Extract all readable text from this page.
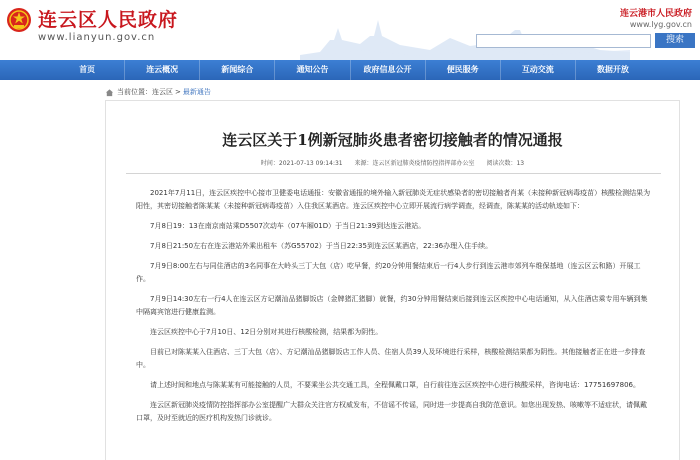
连云区人民政府
www.lianyun.gov.cn
连云港市人民政府
www.lyg.gov.cn
搜索
首页	连云概况	新闻综合	通知公告	政府信息公开	便民服务	互动交流	数据开放
当前位置： 连云区 > 最新通告
连云区关于1例新冠肺炎患者密切接触者的情况通报
时间：2021-07-13 09:14:31 来源：连云区新冠肺炎疫情防控指挥部办公室 阅读次数：13

2021年7月11日，连云区疾控中心接市卫健委电话通报：安徽省通报的境外输入新冠肺炎无症状感染者的密切接触者肖某（未接种新冠病毒疫苗）核酸检测结果为阳性，其密切接触者陈某某（未接种新冠病毒疫苗）入住我区某酒店。连云区疾控中心立即开展流行病学调查，经调查，陈某某的活动轨迹如下：

7月8日19：13在南京南站乘D5507次动车（07车厢01D）于当日21:39到达连云港站。

7月8日21:50左右在连云港站外乘出租车（苏G55702）于当日22:35到连云区某酒店，22:36办理入住手续。

7月9日8:00左右与同住酒店的3名同事在大岭头三丁大包（店）吃早餐，约20分钟用餐结束后一行4人步行到连云港市郊列车维保基地（连云区云和路）开展工作。

7月9日14:30左右一行4人在连云区方记潮汕品猪脚饭店（金牌猪汇猪脚）就餐，约30分钟用餐结束后接到连云区疾控中心电话通知，从入住酒店乘专用车辆到集中隔离宾馆进行健康监测。

连云区疾控中心于7月10日、12日分别对其进行核酸检测，结果都为阴性。

目前已对陈某某入住酒店、三丁大包（店）、方记潮汕品猪脚饭店工作人员、住宿人员39人及环境进行采样，核酸检测结果都为阴性。其他接触者正在进一步排查中。

请上述时间和地点与陈某某有可能接触的人员，不要乘坐公共交通工具，全程佩戴口罩，自行前往连云区疾控中心进行核酸采样，咨询电话：17751697806。

连云区新冠肺炎疫情防控指挥部办公室提醒广大群众关注官方权威发布，不信谣不传谣，同时进一步提高自我防范意识。如您出现发热、咳嗽等不适症状，请佩戴口罩，及时至就近的医疗机构发热门诊就诊。
